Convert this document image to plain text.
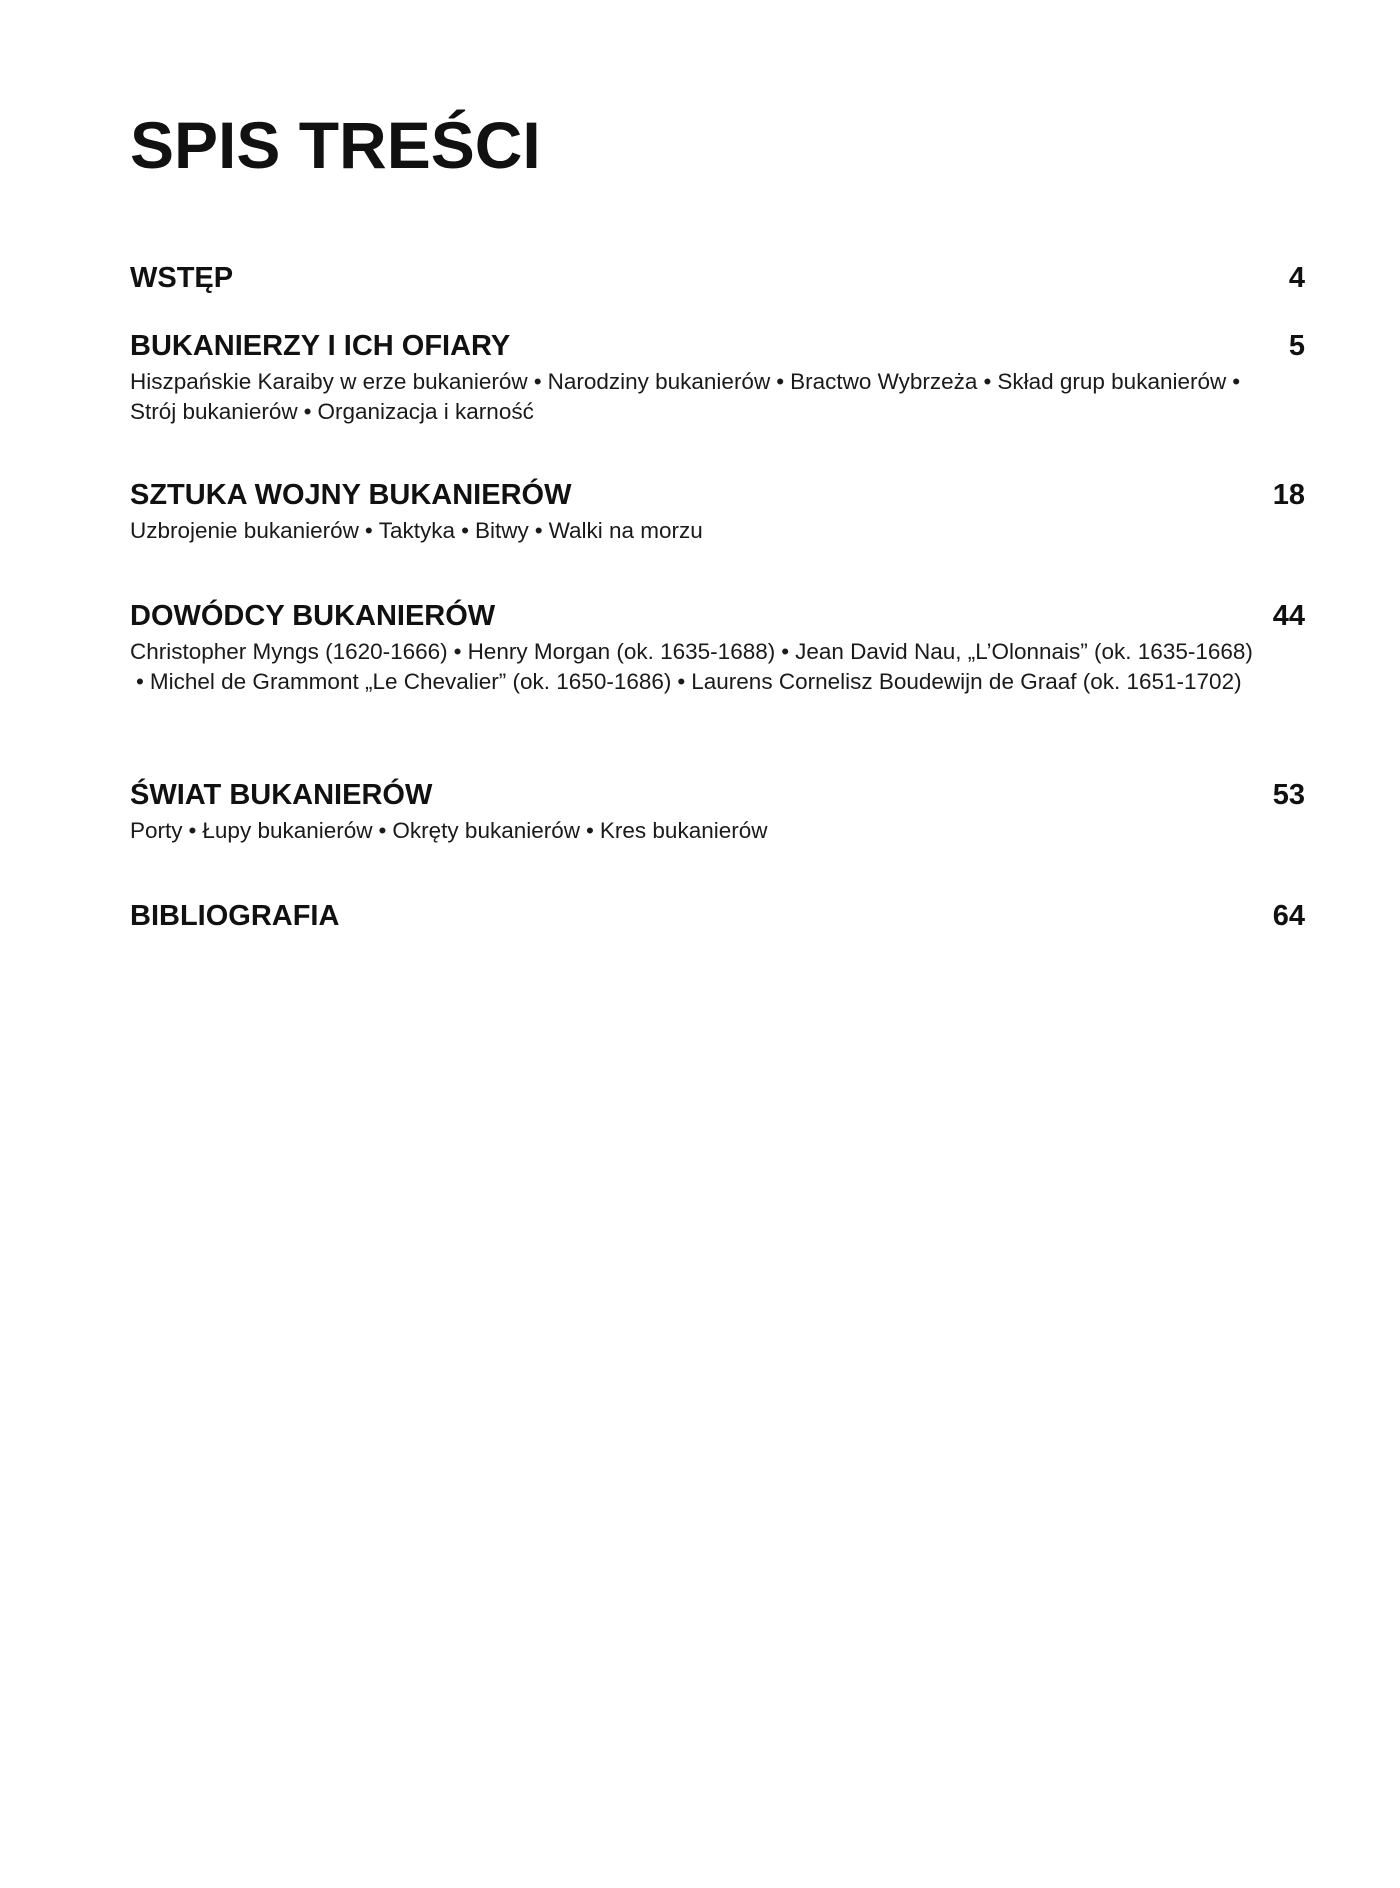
SPIS TREŚCI
WSTĘP	4
BUKANIERZY I ICH OFIARY	5
Hiszpańskie Karaiby w erze bukanierów • Narodziny bukanierów • Bractwo Wybrzeża • Skład grup bukanierów •Strój bukanierów • Organizacja i karność
SZTUKA WOJNY BUKANIERÓW	18
Uzbrojenie bukanierów • Taktyka • Bitwy • Walki na morzu
DOWÓDCY BUKANIERÓW	44
Christopher Myngs (1620-1666) • Henry Morgan (ok. 1635-1688) • Jean David Nau, „L’Olonnais” (ok. 1635-1668)• Michel de Grammont „Le Chevalier” (ok. 1650-1686) • Laurens Cornelisz Boudewijn de Graaf (ok. 1651-1702)
ŚWIAT BUKANIERÓW	53
Porty • Łupy bukanierów • Okręty bukanierów • Kres bukanierów
BIBLIOGRAFIA	64
